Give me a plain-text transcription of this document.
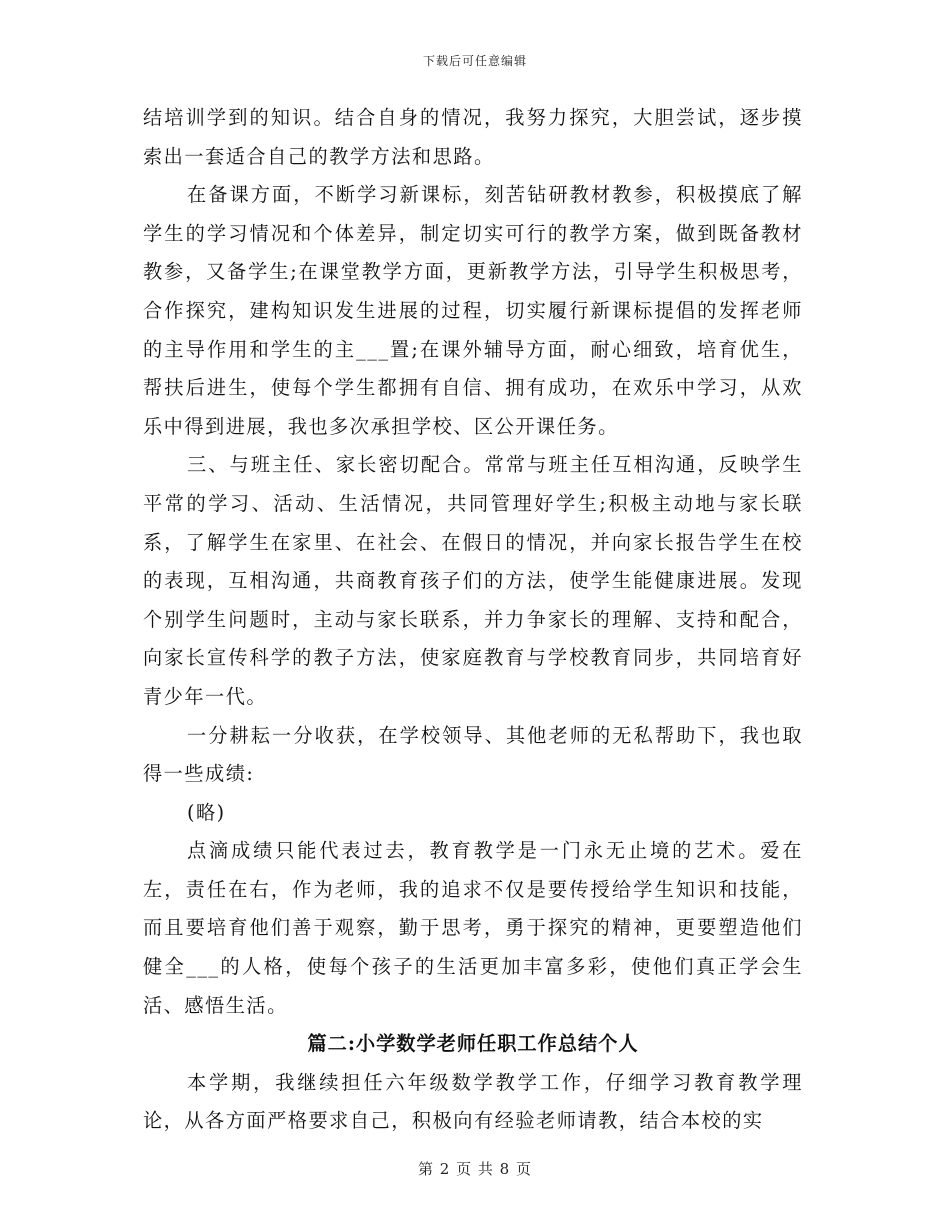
下载后可任意编辑

结培训学到的知识。结合自身的情况，我努力探究，大胆尝试，逐步摸索出一套适合自己的教学方法和思路。

在备课方面，不断学习新课标，刻苦钻研教材教参，积极摸底了解学生的学习情况和个体差异，制定切实可行的教学方案，做到既备教材教参，又备学生;在课堂教学方面，更新教学方法，引导学生积极思考，合作探究，建构知识发生进展的过程，切实履行新课标提倡的发挥老师的主导作用和学生的主___置;在课外辅导方面，耐心细致，培育优生，帮扶后进生，使每个学生都拥有自信、拥有成功，在欢乐中学习，从欢乐中得到进展，我也多次承担学校、区公开课任务。

三、与班主任、家长密切配合。常常与班主任互相沟通，反映学生平常的学习、活动、生活情况，共同管理好学生;积极主动地与家长联系，了解学生在家里、在社会、在假日的情况，并向家长报告学生在校的表现，互相沟通，共商教育孩子们的方法，使学生能健康进展。发现个别学生问题时，主动与家长联系，并力争家长的理解、支持和配合，向家长宣传科学的教子方法，使家庭教育与学校教育同步，共同培育好青少年一代。

一分耕耘一分收获，在学校领导、其他老师的无私帮助下，我也取得一些成绩:

(略)

点滴成绩只能代表过去，教育教学是一门永无止境的艺术。爱在左，责任在右，作为老师，我的追求不仅是要传授给学生知识和技能，而且要培育他们善于观察，勤于思考，勇于探究的精神，更要塑造他们健全___的人格，使每个孩子的生活更加丰富多彩，使他们真正学会生活、感悟生活。

篇二:小学数学老师任职工作总结个人

本学期，我继续担任六年级数学教学工作，仔细学习教育教学理论，从各方面严格要求自己，积极向有经验老师请教，结合本校的实

第 2 页 共 8 页
